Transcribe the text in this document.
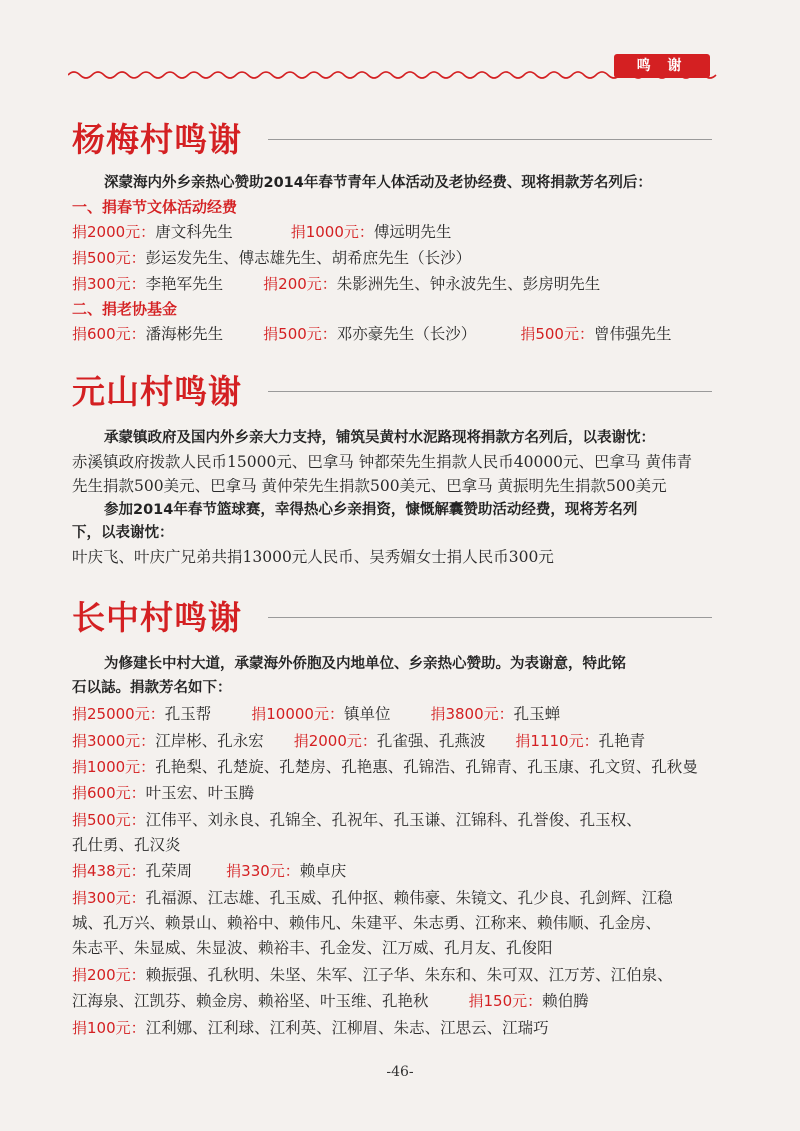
鸣 谢
杨梅村鸣谢
深蒙海内外乡亲热心赞助2014年春节青年人体活动及老协经费、现将捐款芳名列后：
一、捐春节文体活动经费
捐2000元：唐文科先生	捐1000元：傅远明先生
捐500元：彭运发先生、傅志雄先生、胡希庶先生（长沙）
捐300元：李艳军先生	捐200元：朱影洲先生、钟永波先生、彭房明先生
二、捐老协基金
捐600元：潘海彬先生	捐500元：邓亦豪先生（长沙）	捐500元：曾伟强先生
元山村鸣谢
承蒙镇政府及国内外乡亲大力支持，铺筑吴黄村水泥路现将捐款方名列后，以表谢忱：
赤溪镇政府拨款人民币15000元、巴拿马 钟都荣先生捐款人民币40000元、巴拿马 黄伟青
先生捐款500美元、巴拿马 黄仲荣先生捐款500美元、巴拿马 黄振明先生捐款500美元
参加2014年春节篮球赛，幸得热心乡亲捐资，慷慨解囊赞助活动经费，现将芳名列
下，以表谢忱：
叶庆飞、叶庆广兄弟共捐13000元人民币、吴秀媚女士捐人民币300元
长中村鸣谢
为修建长中村大道，承蒙海外侨胞及内地单位、乡亲热心赞助。为表谢意，特此铭
石以誌。捐款芳名如下：
捐25000元：孔玉帮	捐10000元：镇单位	捐3800元：孔玉蝉
捐3000元：江岸彬、孔永宏 捐2000元：孔雀强、孔燕波 捐1110元：孔艳青
捐1000元：孔艳梨、孔楚旋、孔楚房、孔艳惠、孔锦浩、孔锦青、孔玉康、孔文贸、孔秋曼
捐600元：叶玉宏、叶玉腾
捐500元：江伟平、刘永良、孔锦全、孔祝年、孔玉谦、江锦科、孔誉俊、孔玉权、
孔仕勇、孔汉炎
捐438元：孔荣周 捐330元：赖卓庆
捐300元：孔福源、江志雄、孔玉威、孔仲抠、赖伟豪、朱镜文、孔少良、孔剑辉、江稳
城、孔万兴、赖景山、赖裕中、赖伟凡、朱建平、朱志勇、江称来、赖伟顺、孔金房、
朱志平、朱显威、朱显波、赖裕丰、孔金发、江万威、孔月友、孔俊阳
捐200元：赖振强、孔秋明、朱坚、朱军、江子华、朱东和、朱可双、江万芳、江伯泉、
江海泉、江凯芬、赖金房、赖裕坚、叶玉维、孔艳秋	捐150元：赖伯腾
捐100元：江利娜、江利球、江利英、江柳眉、朱志、江思云、江瑞巧
-46-
